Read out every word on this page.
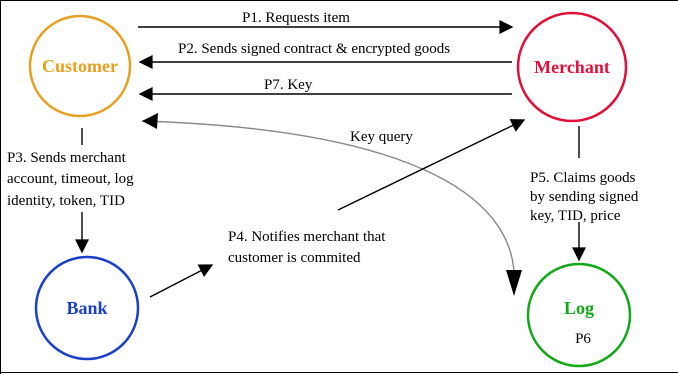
Customer	Merchant
Bank	Log
P6
P1. Requests item
P2. Sends signed contract & encrypted goods
P7. Key
Key query
P3. Sends merchant account, timeout, log identity, token, TID
P4. Notifies merchant that customer is commited
P5. Claims goods by sending signed key, TID, price
